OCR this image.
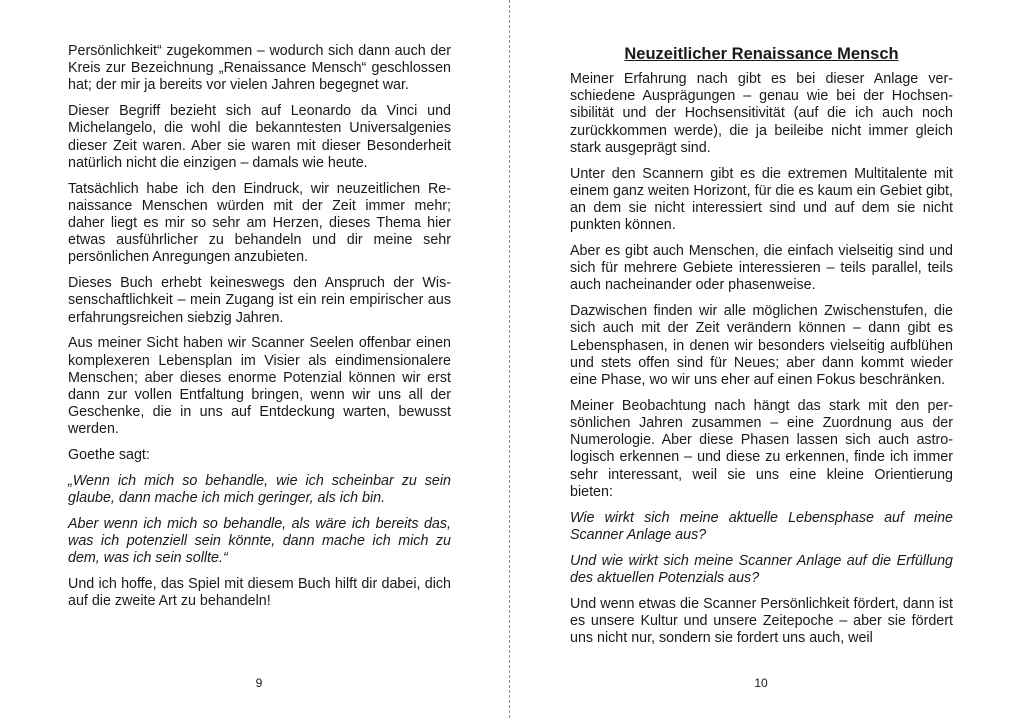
Persönlichkeit“ zugekommen – wodurch sich dann auch der Kreis zur Bezeichnung „Renaissance Mensch“ geschlossen hat; der mir ja bereits vor vielen Jahren begegnet war.

Dieser Begriff bezieht sich auf Leonardo da Vinci und Michelangelo, die wohl die bekanntesten Universalgenies dieser Zeit waren. Aber sie waren mit dieser Besonderheit natürlich nicht die einzigen – damals wie heute.

Tatsächlich habe ich den Eindruck, wir neuzeitlichen Renaissance Menschen würden mit der Zeit immer mehr; daher liegt es mir so sehr am Herzen, dieses Thema hier etwas ausführlicher zu behandeln und dir meine sehr persönlichen Anregungen anzubieten.

Dieses Buch erhebt keineswegs den Anspruch der Wissenschaftlichkeit – mein Zugang ist ein rein empirischer aus erfahrungsreichen siebzig Jahren.

Aus meiner Sicht haben wir Scanner Seelen offenbar einen komplexeren Lebensplan im Visier als eindimensionalere Menschen; aber dieses enorme Potenzial können wir erst dann zur vollen Entfaltung bringen, wenn wir uns all der Geschenke, die in uns auf Entdeckung warten, bewusst werden.

Goethe sagt:

„Wenn ich mich so behandle, wie ich scheinbar zu sein glaube, dann mache ich mich geringer, als ich bin.

Aber wenn ich mich so behandle, als wäre ich bereits das, was ich potenziell sein könnte, dann mache ich mich zu dem, was ich sein sollte.“

Und ich hoffe, das Spiel mit diesem Buch hilft dir dabei, dich auf die zweite Art zu behandeln!

9
Neuzeitlicher Renaissance Mensch

Meiner Erfahrung nach gibt es bei dieser Anlage verschiedene Ausprägungen – genau wie bei der Hochsensibilität und der Hochsensitivität (auf die ich auch noch zurückkommen werde), die ja beileibe nicht immer gleich stark ausgeprägt sind.

Unter den Scannern gibt es die extremen Multitalente mit einem ganz weiten Horizont, für die es kaum ein Gebiet gibt, an dem sie nicht interessiert sind und auf dem sie nicht punkten können.

Aber es gibt auch Menschen, die einfach vielseitig sind und sich für mehrere Gebiete interessieren – teils parallel, teils auch nacheinander oder phasenweise.

Dazwischen finden wir alle möglichen Zwischenstufen, die sich auch mit der Zeit verändern können – dann gibt es Lebensphasen, in denen wir besonders vielseitig aufblühen und stets offen sind für Neues; aber dann kommt wieder eine Phase, wo wir uns eher auf einen Fokus beschränken.

Meiner Beobachtung nach hängt das stark mit den persönlichen Jahren zusammen – eine Zuordnung aus der Numerologie. Aber diese Phasen lassen sich auch astrologisch erkennen – und diese zu erkennen, finde ich immer sehr interessant, weil sie uns eine kleine Orientierung bieten:

Wie wirkt sich meine aktuelle Lebensphase auf meine Scanner Anlage aus?

Und wie wirkt sich meine Scanner Anlage auf die Erfüllung des aktuellen Potenzials aus?

Und wenn etwas die Scanner Persönlichkeit fördert, dann ist es unsere Kultur und unsere Zeitepoche – aber sie fördert uns nicht nur, sondern sie fordert uns auch, weil

10
